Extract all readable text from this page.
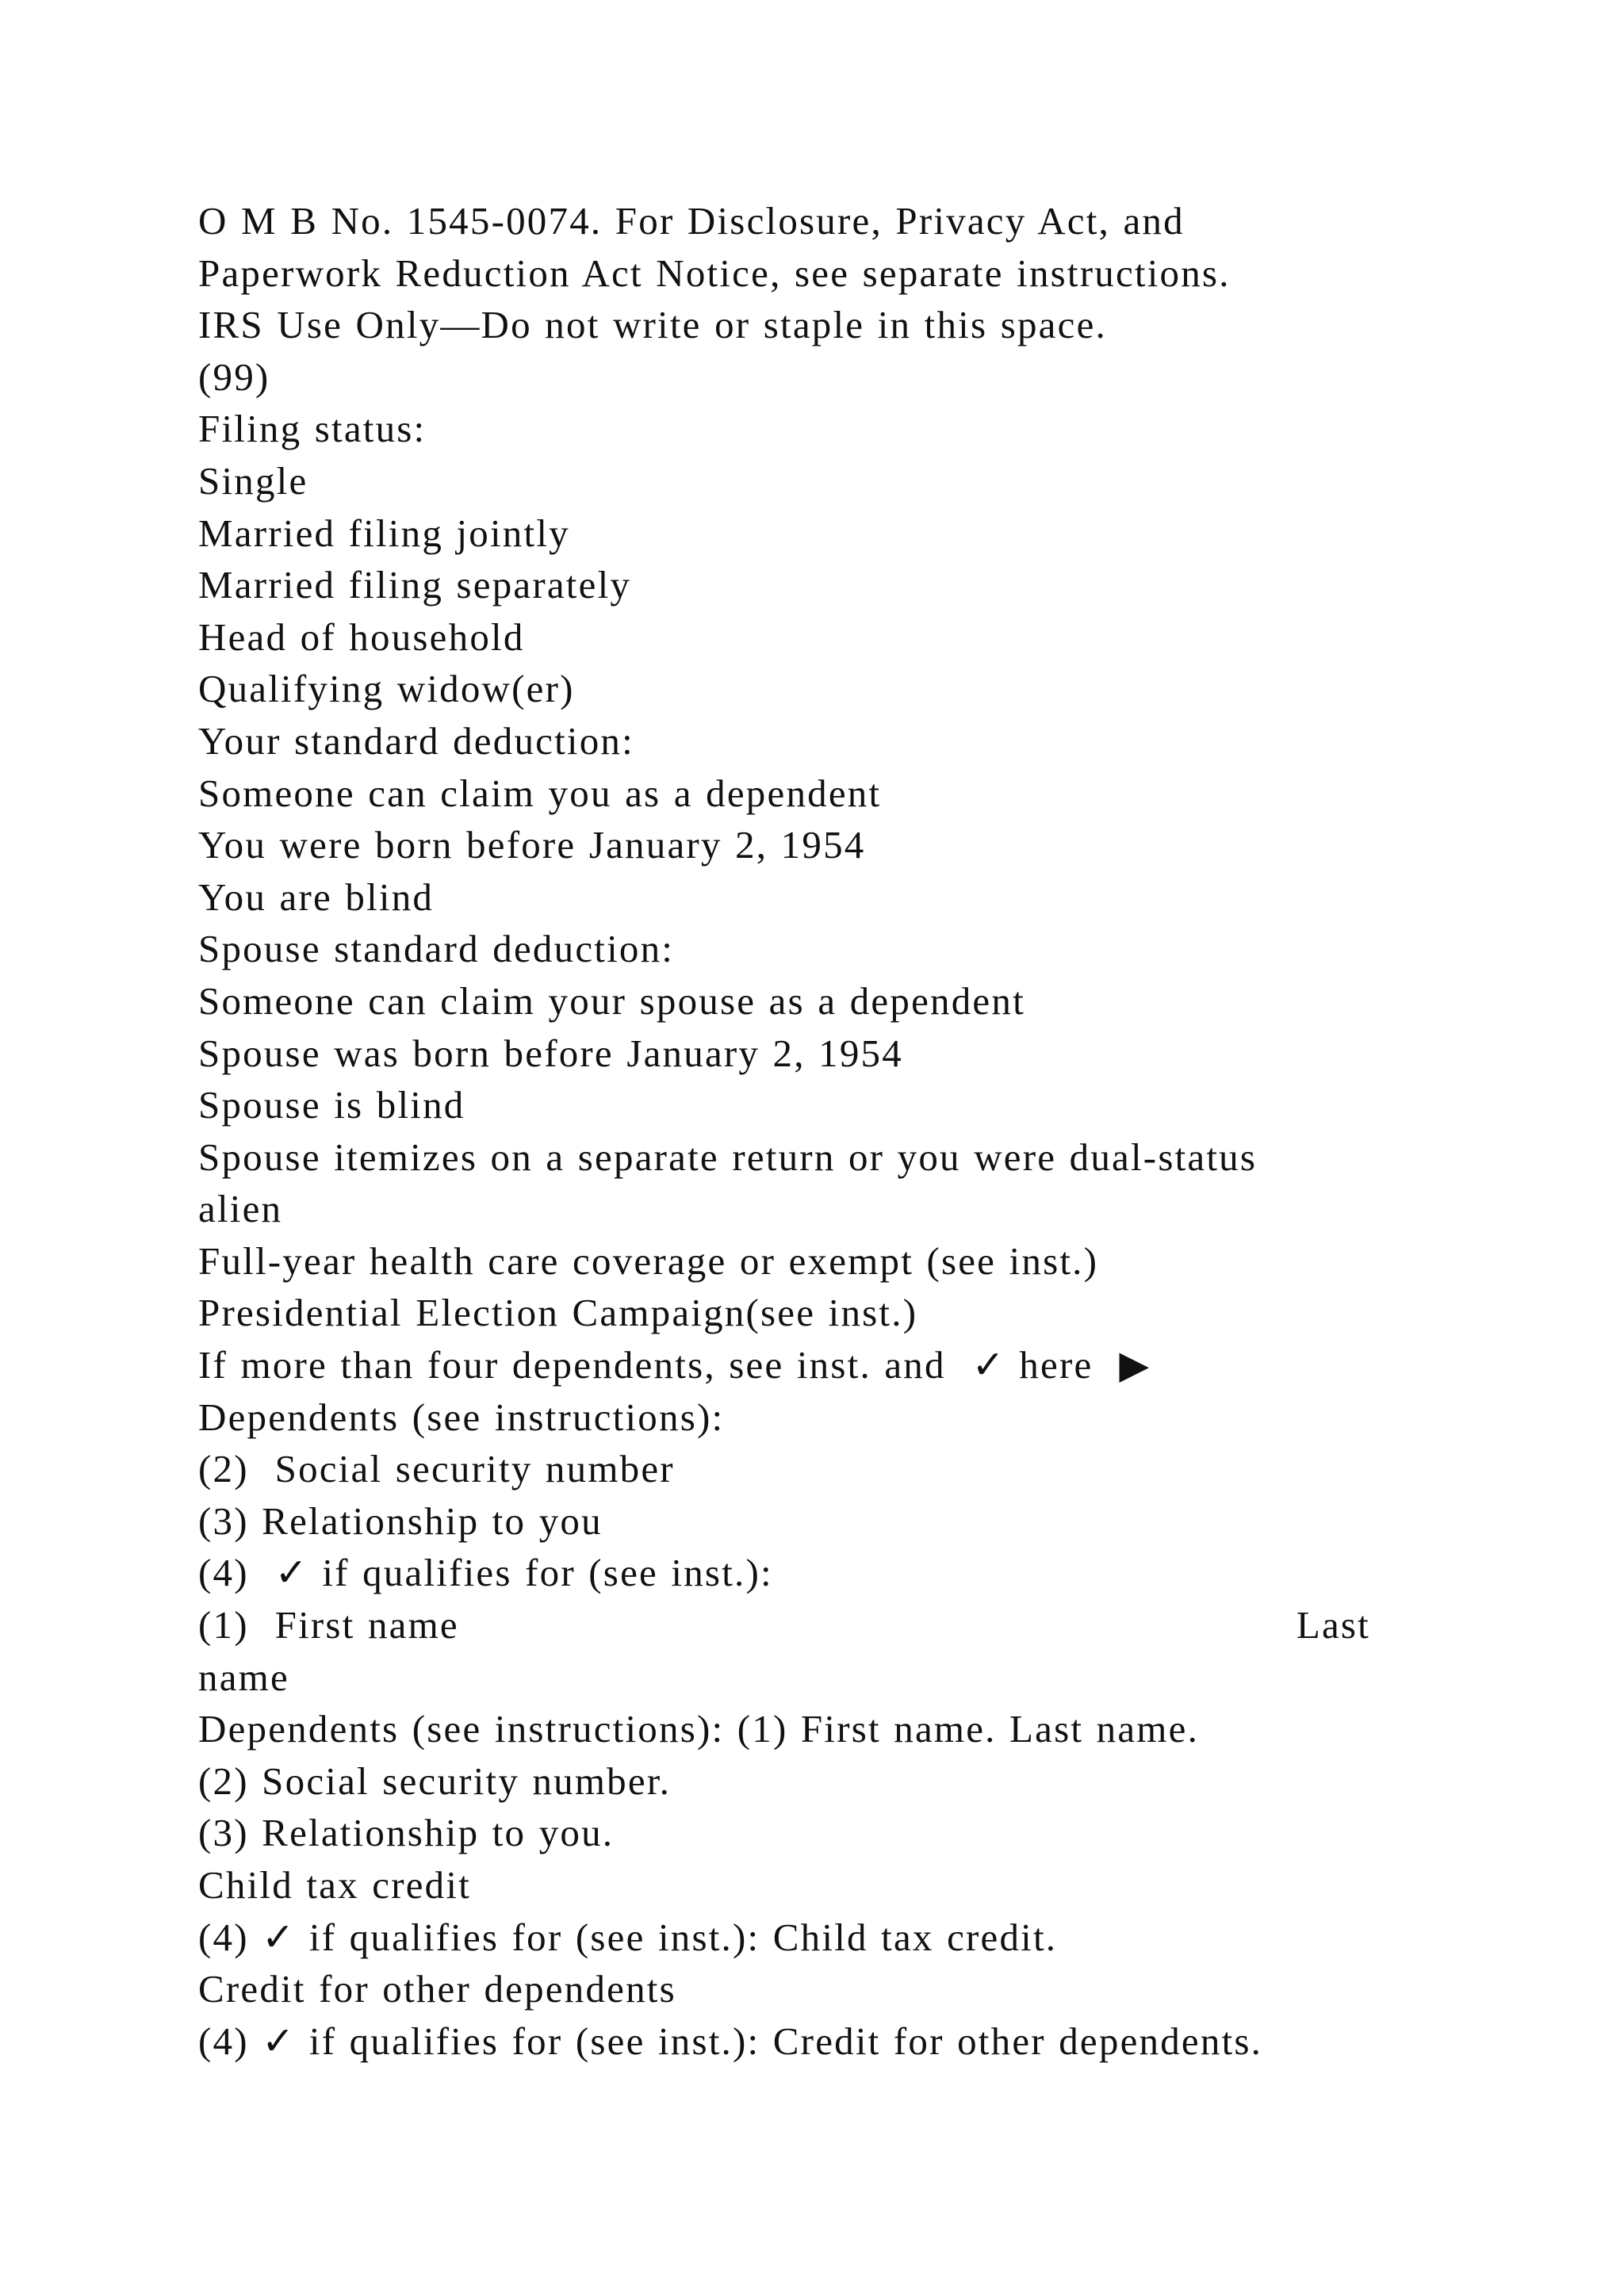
O M B No. 1545-0074. For Disclosure, Privacy Act, and
Paperwork Reduction Act Notice, see separate instructions.
IRS Use Only—Do not write or staple in this space.
(99)
Filing status:
Single
Married filing jointly
Married filing separately
Head of household
Qualifying widow(er)
Your standard deduction:
Someone can claim you as a dependent
You were born before January 2, 1954
You are blind
Spouse standard deduction:
Someone can claim your spouse as a dependent
Spouse was born before January 2, 1954
Spouse is blind
Spouse itemizes on a separate return or you were dual-status
alien
Full-year health care coverage or exempt (see inst.)
Presidential Election Campaign(see inst.)
If more than four dependents, see inst. and  ✓ here  ▶
Dependents (see instructions):
(2)  Social security number
(3) Relationship to you
(4)  ✓ if qualifies for (see inst.):
(1)  First name	Last
name
Dependents (see instructions): (1) First name. Last name.
(2) Social security number.
(3) Relationship to you.
Child tax credit
(4) ✓ if qualifies for (see inst.): Child tax credit.
Credit for other dependents
(4) ✓ if qualifies for (see inst.): Credit for other dependents.
